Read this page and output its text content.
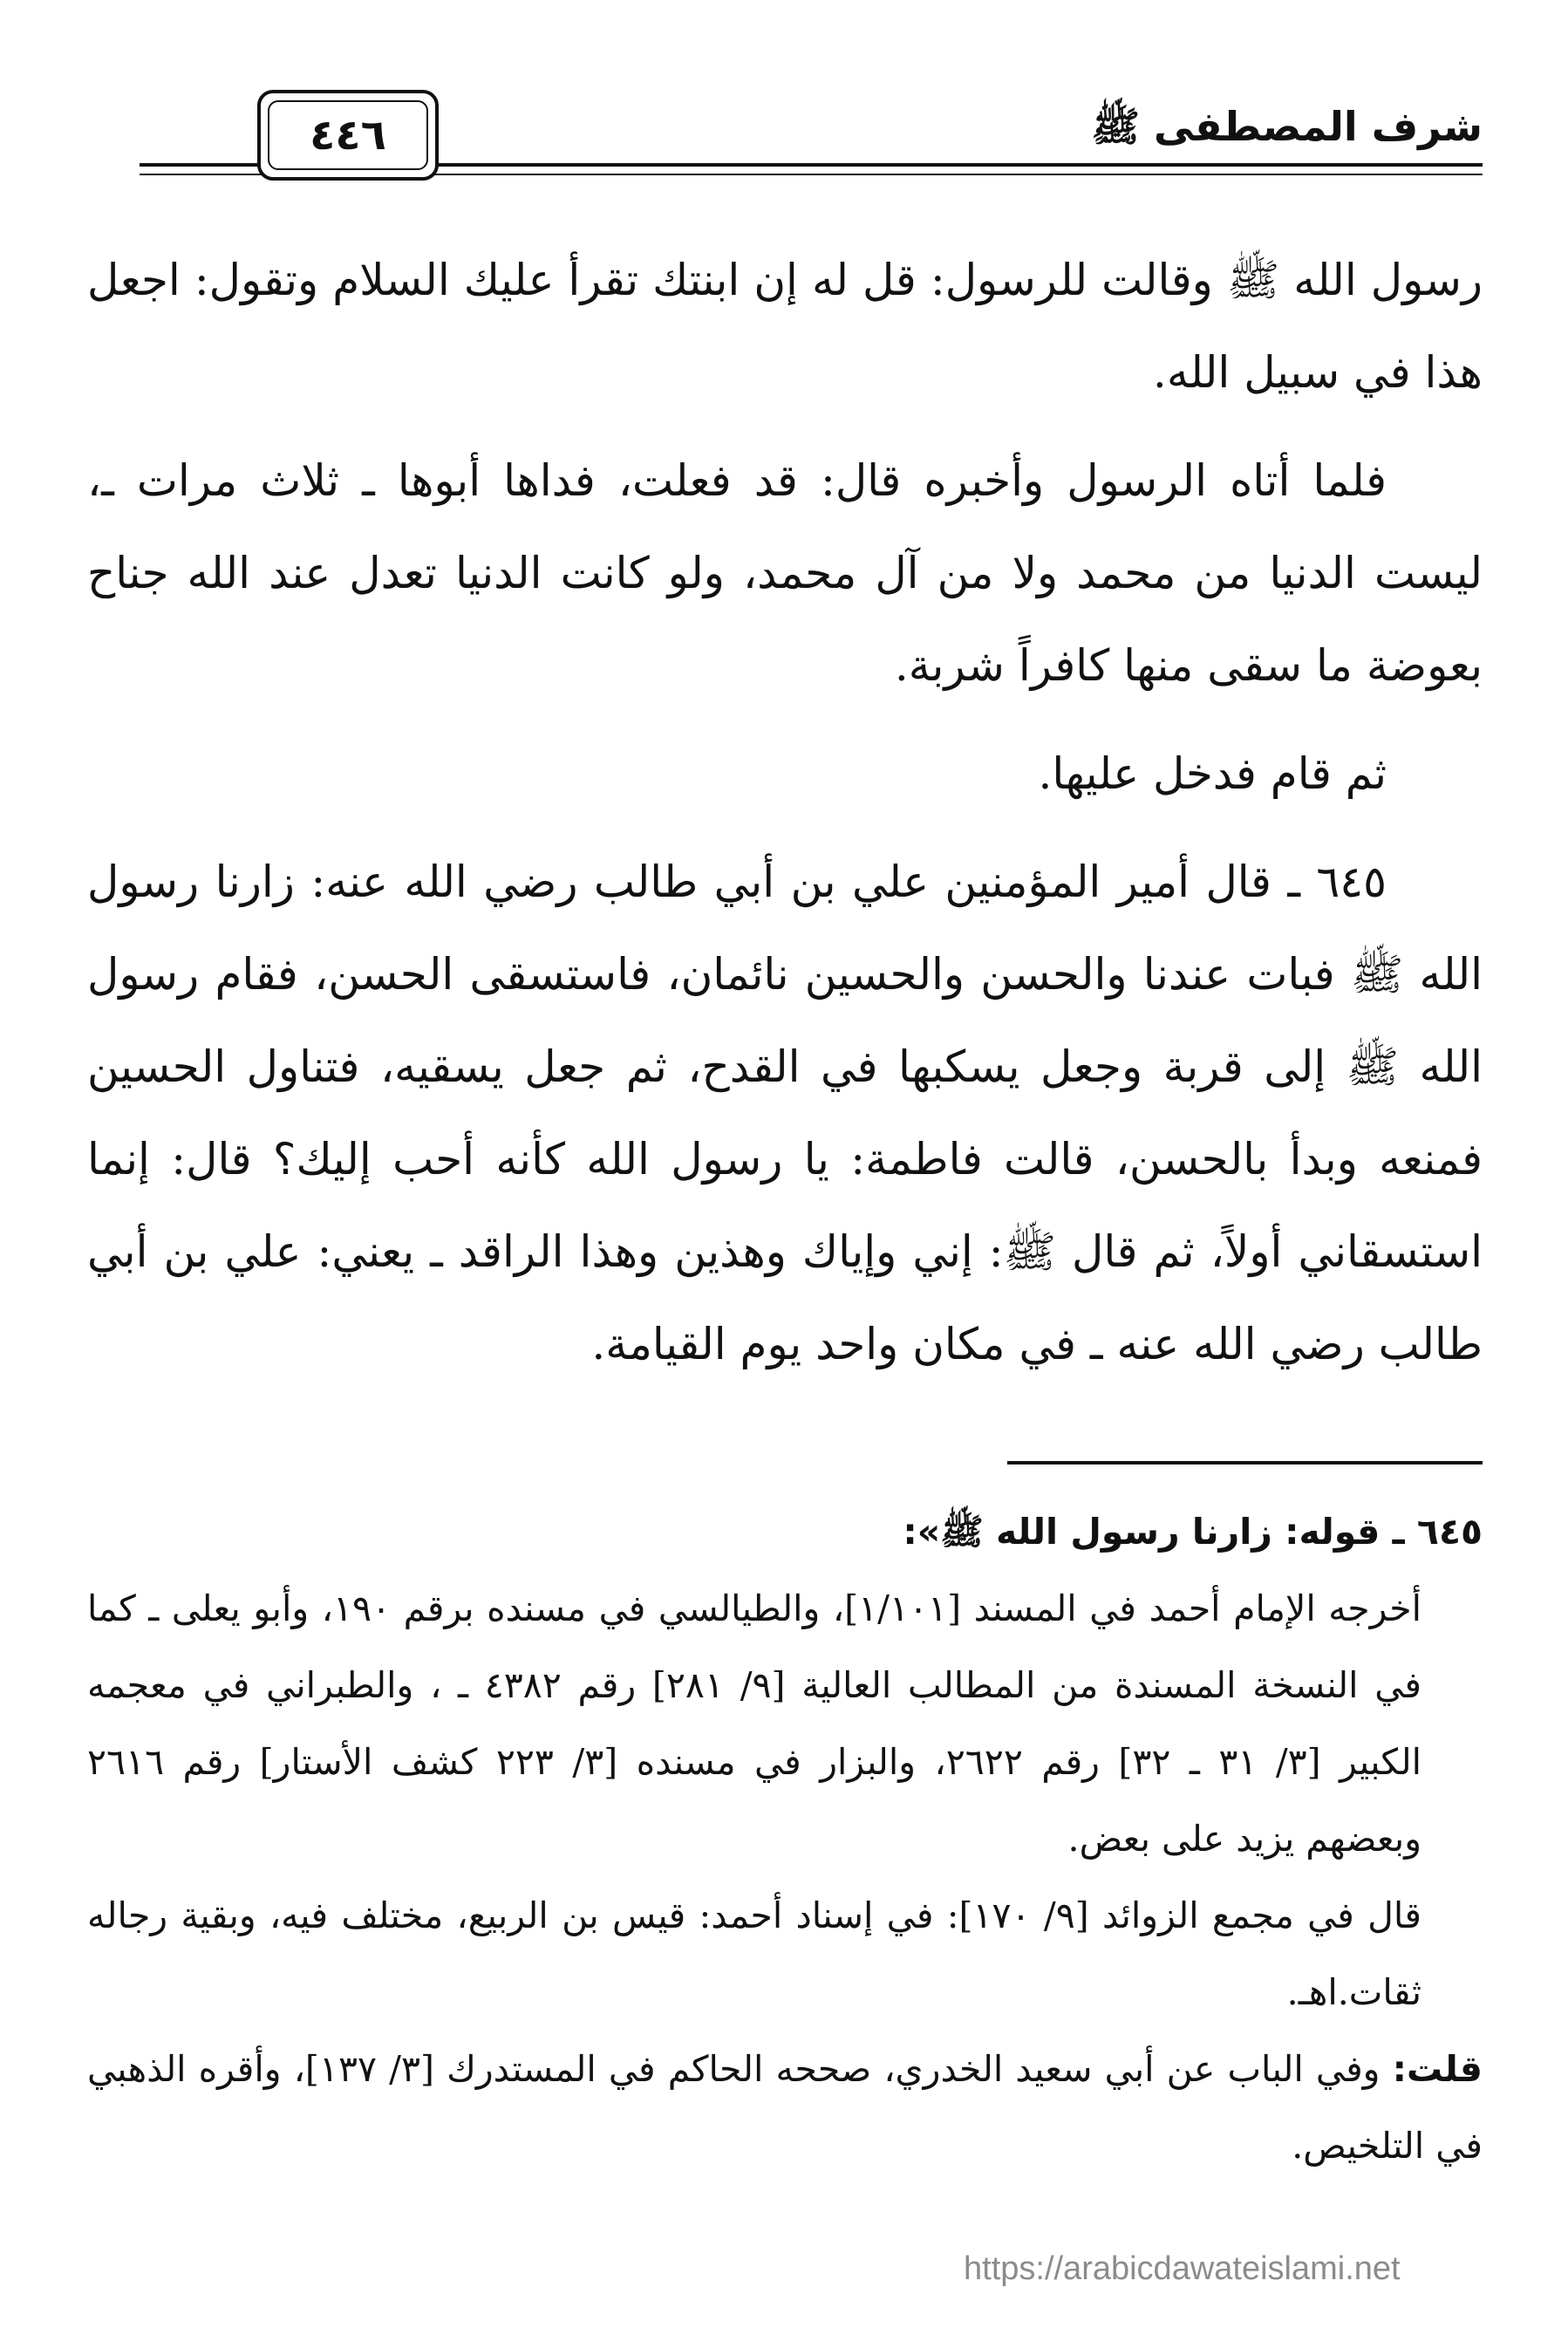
شرف المصطفى ﷺ
٤٤٦

رسول الله ﷺ وقالت للرسول: قل له إن ابنتك تقرأ عليك السلام وتقول: اجعل هذا في سبيل الله.

فلما أتاه الرسول وأخبره قال: قد فعلت، فداها أبوها ـ ثلاث مرات ـ، ليست الدنيا من محمد ولا من آل محمد، ولو كانت الدنيا تعدل عند الله جناح بعوضة ما سقى منها كافراً شربة.

ثم قام فدخل عليها.

٦٤٥ ـ قال أمير المؤمنين علي بن أبي طالب رضي الله عنه: زارنا رسول الله ﷺ فبات عندنا والحسن والحسين نائمان، فاستسقى الحسن، فقام رسول الله ﷺ إلى قربة وجعل يسكبها في القدح، ثم جعل يسقيه، فتناول الحسين فمنعه وبدأ بالحسن، قالت فاطمة: يا رسول الله كأنه أحب إليك؟ قال: إنما استسقاني أولاً، ثم قال ﷺ: إني وإياك وهذين وهذا الراقد ـ يعني: علي بن أبي طالب رضي الله عنه ـ في مكان واحد يوم القيامة.

٦٤٥ ـ قوله: زارنا رسول الله ﷺ»:

أخرجه الإمام أحمد في المسند [١/١٠١]، والطيالسي في مسنده برقم ١٩٠، وأبو يعلى ـ كما في النسخة المسندة من المطالب العالية [٩/ ٢٨١] رقم ٤٣٨٢ ـ ، والطبراني في معجمه الكبير [٣/ ٣١ ـ ٣٢] رقم ٢٦٢٢، والبزار في مسنده [٣/ ٢٢٣ كشف الأستار] رقم ٢٦١٦ وبعضهم يزيد على بعض.

قال في مجمع الزوائد [٩/ ١٧٠]: في إسناد أحمد: قيس بن الربيع، مختلف فيه، وبقية رجاله ثقات.اهـ.

قلت: وفي الباب عن أبي سعيد الخدري، صححه الحاكم في المستدرك [٣/ ١٣٧]، وأقره الذهبي في التلخيص.

https://arabicdawateislami.net
